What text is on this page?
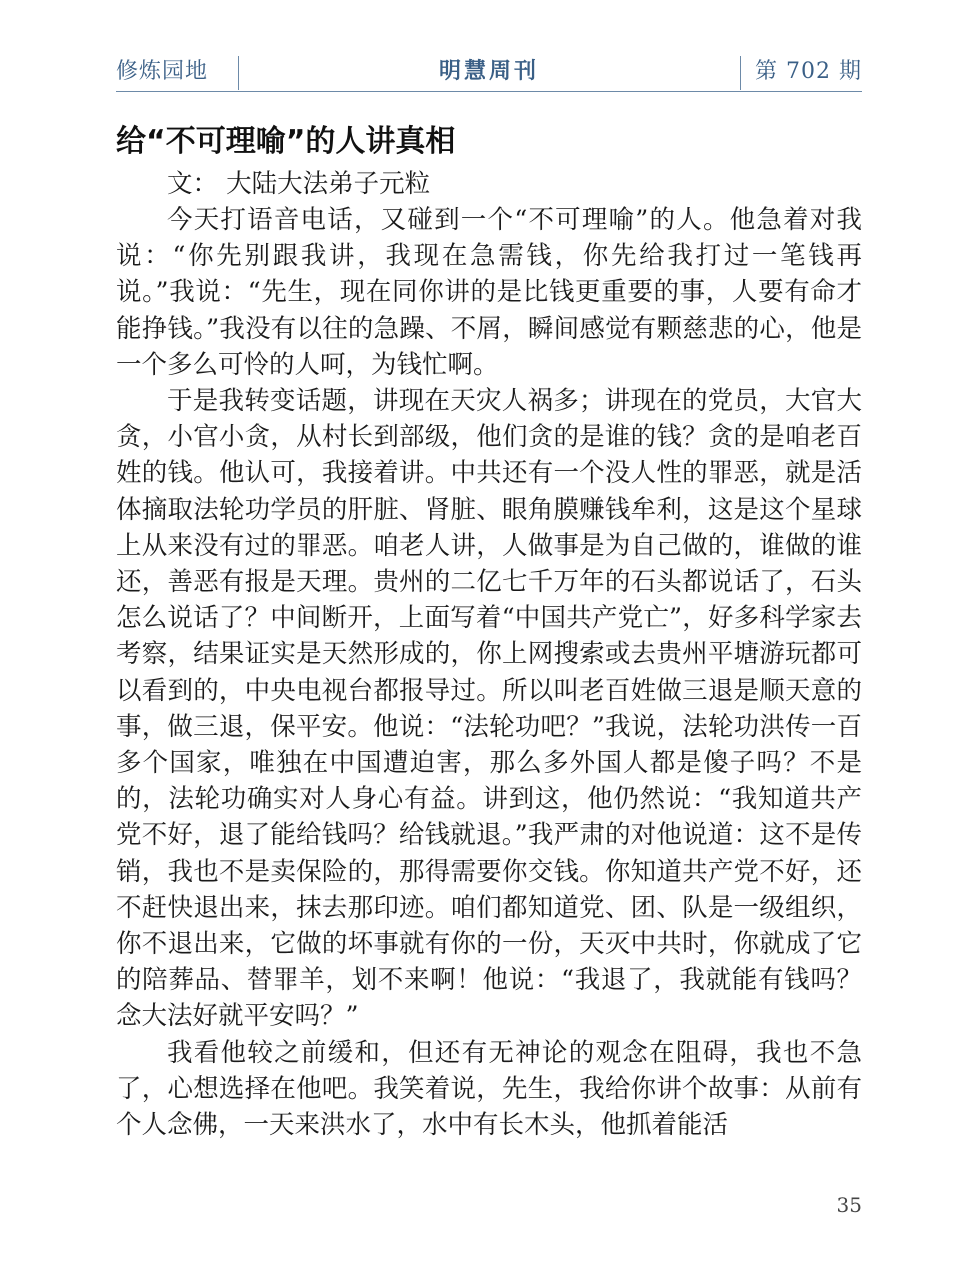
修炼园地	明慧周刊	第 702 期
给“不可理喻”的人讲真相

文： 大陆大法弟子元粒

今天打语音电话，又碰到一个“不可理喻”的人。他急着对我说：“你先别跟我讲，我现在急需钱，你先给我打过一笔钱再说。”我说：“先生，现在同你讲的是比钱更重要的事，人要有命才能挣钱。”我没有以往的急躁、不屑，瞬间感觉有颗慈悲的心，他是一个多么可怜的人呵，为钱忙啊。

于是我转变话题，讲现在天灾人祸多；讲现在的党员，大官大贪，小官小贪，从村长到部级，他们贪的是谁的钱？贪的是咱老百姓的钱。他认可，我接着讲。中共还有一个没人性的罪恶，就是活体摘取法轮功学员的肝脏、肾脏、眼角膜赚钱牟利，这是这个星球上从来没有过的罪恶。咱老人讲，人做事是为自己做的，谁做的谁还，善恶有报是天理。贵州的二亿七千万年的石头都说话了，石头怎么说话了？中间断开，上面写着“中国共产党亡”，好多科学家去考察，结果证实是天然形成的，你上网搜索或去贵州平塘游玩都可以看到的，中央电视台都报导过。所以叫老百姓做三退是顺天意的事，做三退，保平安。他说：“法轮功吧？”我说，法轮功洪传一百多个国家，唯独在中国遭迫害，那么多外国人都是傻子吗？不是的，法轮功确实对人身心有益。讲到这，他仍然说：“我知道共产党不好，退了能给钱吗？给钱就退。”我严肃的对他说道：这不是传销，我也不是卖保险的，那得需要你交钱。你知道共产党不好，还不赶快退出来，抹去那印迹。咱们都知道党、团、队是一级组织，你不退出来，它做的坏事就有你的一份，天灭中共时，你就成了它的陪葬品、替罪羊，划不来啊！他说：“我退了，我就能有钱吗？念大法好就平安吗？”

我看他较之前缓和，但还有无神论的观念在阻碍，我也不急了，心想选择在他吧。我笑着说，先生，我给你讲个故事：从前有个人念佛，一天来洪水了，水中有长木头，他抓着能活

35
